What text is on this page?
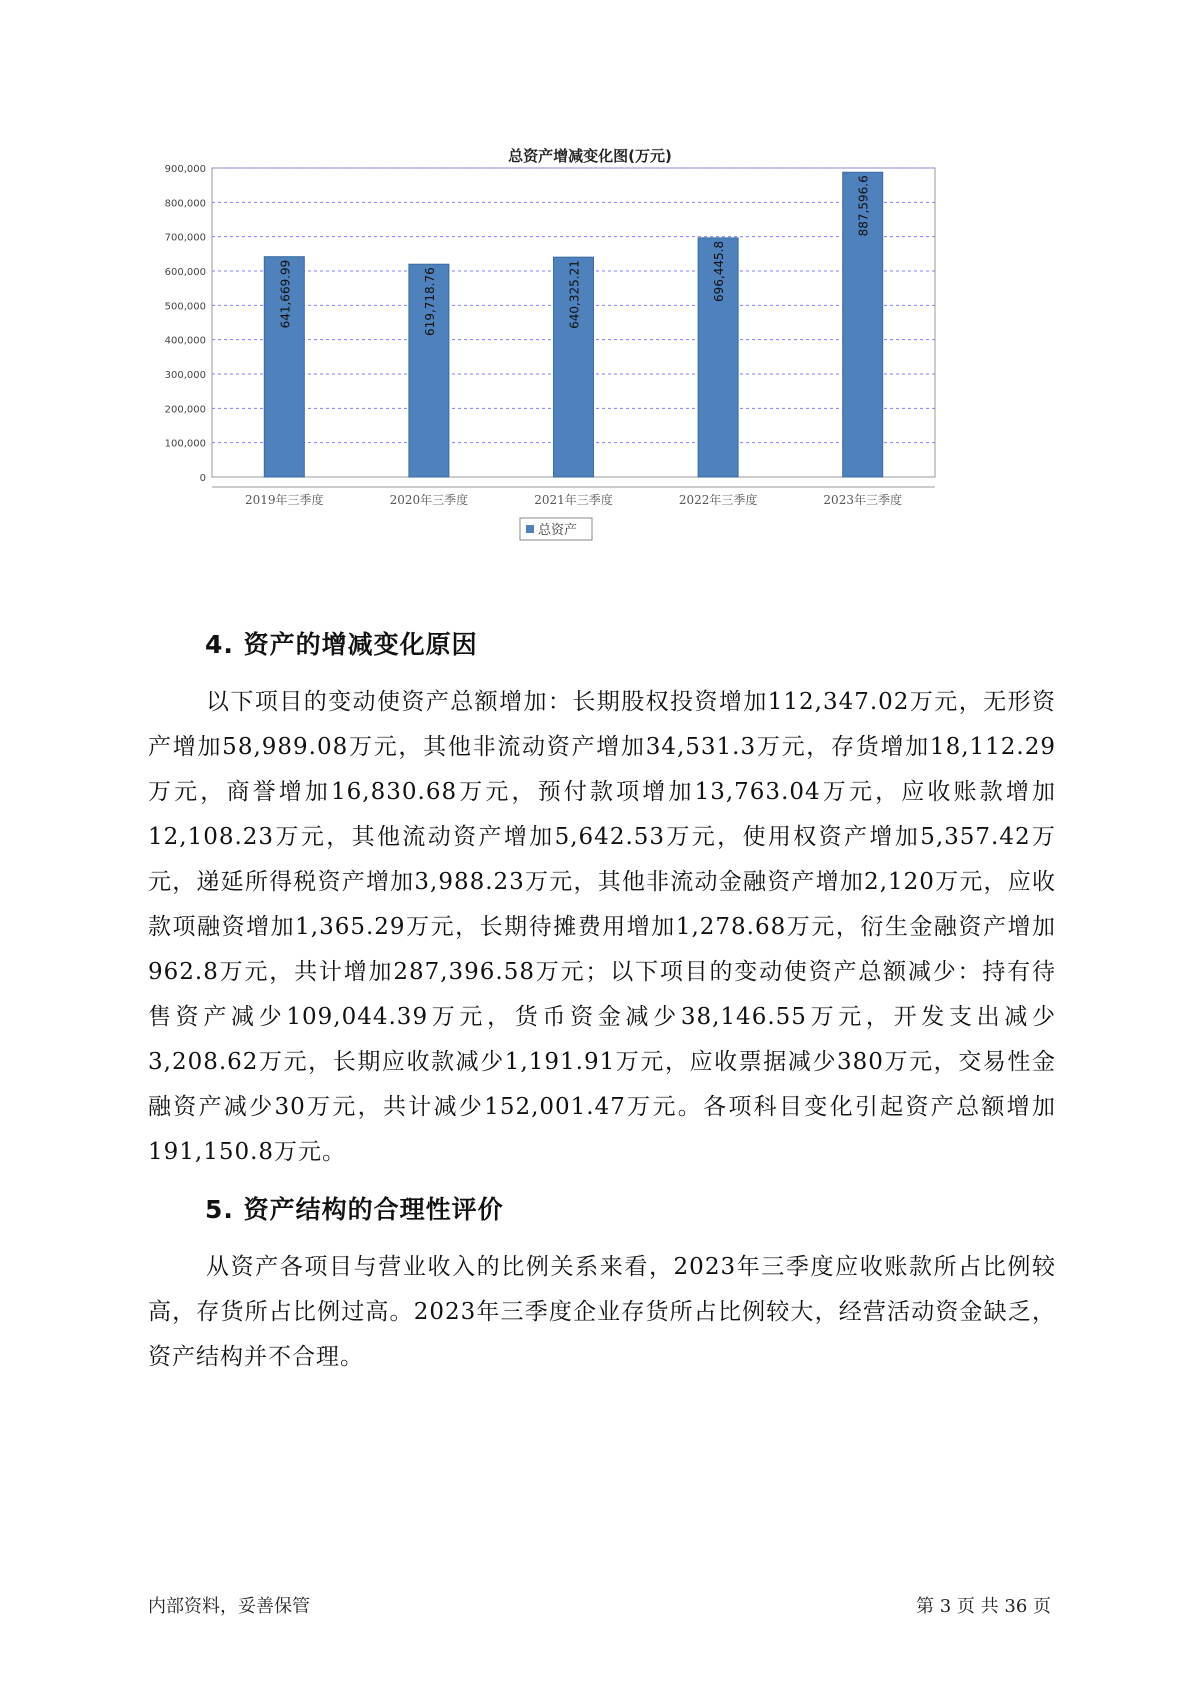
0
100,000
200,000
300,000
400,000
500,000
600,000
700,000
800,000
900,000
641,669.99
2019年三季度
619,718.76
2020年三季度
640,325.21
2021年三季度
696,445.8
2022年三季度
887,596.6
2023年三季度
总资产
总资产增减变化图(万元)
4. 资产的增减变化原因

以下项目的变动使资产总额增加：长期股权投资增加112,347.02万元，无形资产增加58,989.08万元，其他非流动资产增加34,531.3万元，存货增加18,112.29万元，商誉增加16,830.68万元，预付款项增加13,763.04万元，应收账款增加12,108.23万元，其他流动资产增加5,642.53万元，使用权资产增加5,357.42万元，递延所得税资产增加3,988.23万元，其他非流动金融资产增加2,120万元，应收款项融资增加1,365.29万元，长期待摊费用增加1,278.68万元，衍生金融资产增加962.8万元，共计增加287,396.58万元；以下项目的变动使资产总额减少：持有待售资产减少109,044.39万元，货币资金减少38,146.55万元，开发支出减少3,208.62万元，长期应收款减少1,191.91万元，应收票据减少380万元，交易性金融资产减少30万元，共计减少152,001.47万元。各项科目变化引起资产总额增加191,150.8万元。

5. 资产结构的合理性评价

从资产各项目与营业收入的比例关系来看，2023年三季度应收账款所占比例较高，存货所占比例过高。2023年三季度企业存货所占比例较大，经营活动资金缺乏，资产结构并不合理。

内部资料，妥善保管	第 3 页 共 36 页
